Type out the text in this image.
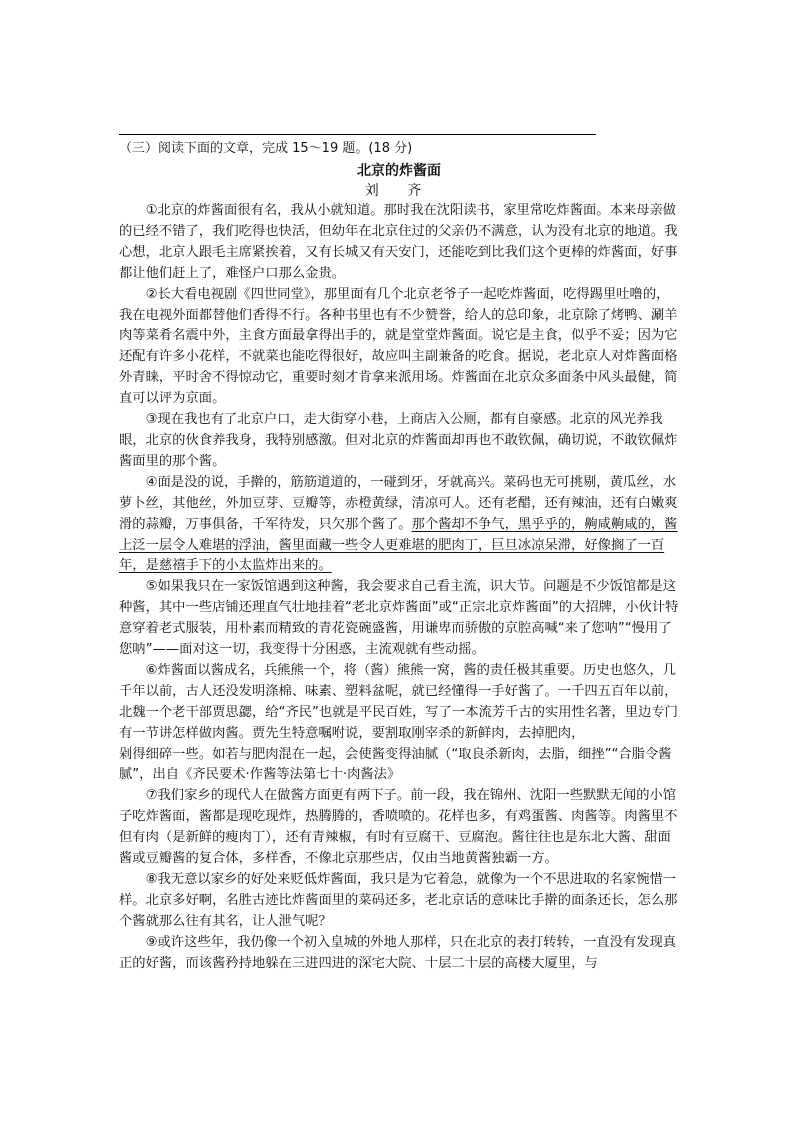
（三）阅读下面的文章，完成 15～19 题。(18 分)
北京的炸酱面
刘 齐

①北京的炸酱面很有名，我从小就知道。那时我在沈阳读书，家里常吃炸酱面。本来母亲做的已经不错了，我们吃得也快活，但幼年在北京住过的父亲仍不满意，认为没有北京的地道。我心想，北京人跟毛主席紧挨着，又有长城又有天安门，还能吃到比我们这个更棒的炸酱面，好事都让他们赶上了，难怪户口那么金贵。

②长大看电视剧《四世同堂》，那里面有几个北京老爷子一起吃炸酱面，吃得踢里吐噜的，我在电视外面都替他们香得不行。各种书里也有不少赞誉，给人的总印象，北京除了烤鸭、涮羊肉等菜肴名震中外，主食方面最拿得出手的，就是堂堂炸酱面。说它是主食，似乎不妥；因为它还配有许多小花样，不就菜也能吃得很好，故应叫主副兼备的吃食。据说，老北京人对炸酱面格外青睐，平时舍不得惊动它，重要时刻才肯拿来派用场。炸酱面在北京众多面条中风头最健，简直可以评为京面。

③现在我也有了北京户口，走大街穿小巷，上商店入公厕，都有自豪感。北京的风光养我眼，北京的伙食养我身，我特别感激。但对北京的炸酱面却再也不敢钦佩，确切说，不敢钦佩炸酱面里的那个酱。

④面是没的说，手擀的，筋筋道道的，一碰到牙，牙就高兴。菜码也无可挑剔，黄瓜丝，水萝卜丝，其他丝，外加豆芽、豆瓣等，赤橙黄绿，清凉可人。还有老醋，还有辣油，还有白嫩爽滑的蒜瓣，万事俱备，千军待发，只欠那个酱了。那个酱却不争气，黑乎乎的，齁咸齁咸的，酱上泛一层令人难堪的浮油，酱里面藏一些令人更难堪的肥肉丁，巨旦冰凉呆滞，好像搁了一百年，是慈禧手下的小太监炸出来的。

⑤如果我只在一家饭馆遇到这种酱，我会要求自己看主流，识大节。问题是不少饭馆都是这种酱，其中一些店铺还理直气壮地挂着“老北京炸酱面”或“正宗北京炸酱面”的大招牌，小伙计特意穿着老式服装，用朴素而精致的青花瓷碗盛酱，用谦卑而骄傲的京腔高喊“来了您呐”“慢用了您呐”——面对这一切，我变得十分困惑，主流观就有些动摇。

⑥炸酱面以酱成名，兵熊熊一个，将（酱）熊熊一窝，酱的责任极其重要。历史也悠久，几千年以前，古人还没发明涤棉、味素、塑料盆呢，就已经懂得一手好酱了。一千四五百年以前，北魏一个老干部贾思勰，给“齐民”也就是平民百姓，写了一本流芳千古的实用性名著，里边专门有一节讲怎样做肉酱。贾先生特意嘱咐说，要割取刚宰杀的新鲜肉，去掉肥肉，

剁得细碎一些。如若与肥肉混在一起，会使酱变得油腻（“取良杀新肉，去脂，细挫”“合脂令酱腻”，出自《齐民要术·作酱等法第七十·肉酱法》

⑦我们家乡的现代人在做酱方面更有两下子。前一段，我在锦州、沈阳一些默默无闻的小馆子吃炸酱面，酱都是现吃现炸，热腾腾的，香喷喷的。花样也多，有鸡蛋酱、肉酱等。肉酱里不但有肉（是新鲜的瘦肉丁），还有青辣椒，有时有豆腐干、豆腐泡。酱往往也是东北大酱、甜面酱或豆瓣酱的复合体，多样香，不像北京那些店，仅由当地黄酱独霸一方。

⑧我无意以家乡的好处来贬低炸酱面，我只是为它着急，就像为一个不思进取的名家惋惜一样。北京多好啊，名胜古迹比炸酱面里的菜码还多，老北京话的意味比手擀的面条还长，怎么那个酱就那么往有其名，让人泄气呢？

⑨或许这些年，我仍像一个初入皇城的外地人那样，只在北京的表打转转，一直没有发现真正的好酱，而该酱矜持地躲在三进四进的深宅大院、十层二十层的高楼大厦里，与
